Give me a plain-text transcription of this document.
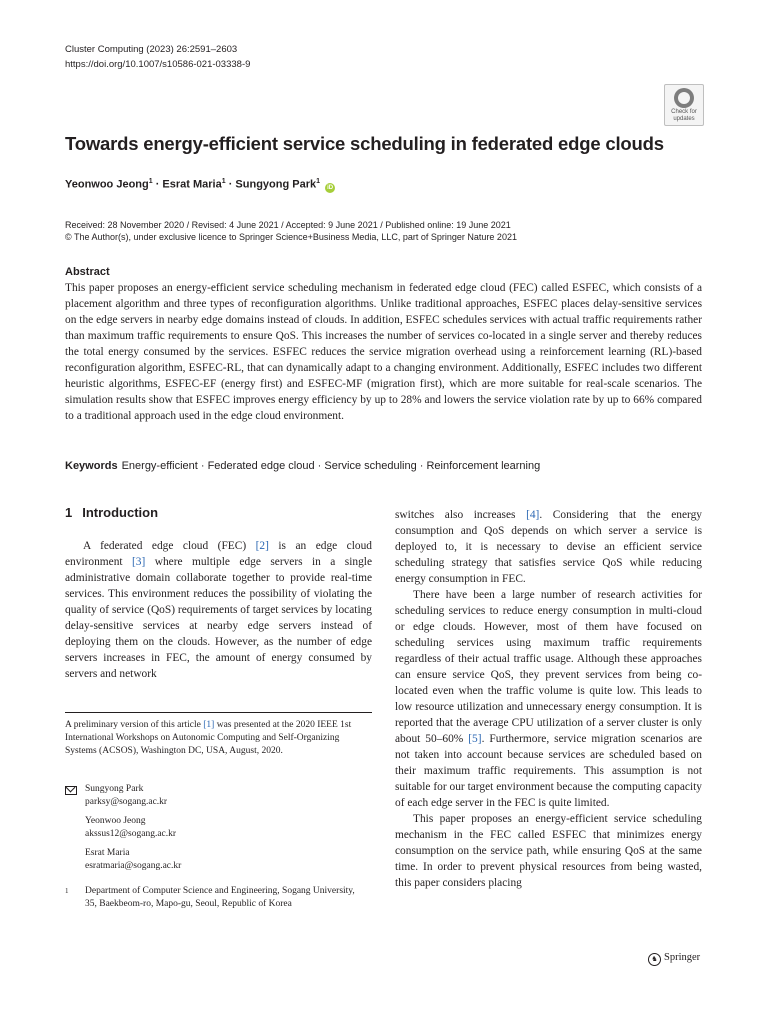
Cluster Computing (2023) 26:2591–2603
https://doi.org/10.1007/s10586-021-03338-9
Check for
updates
Towards energy-efficient service scheduling in federated edge clouds
Yeonwoo Jeong$^1$ · Esrat Maria$^1$ · Sungyong Park$^1$ iD
Received: 28 November 2020 / Revised: 4 June 2021 / Accepted: 9 June 2021 / Published online: 19 June 2021
© The Author(s), under exclusive licence to Springer Science+Business Media, LLC, part of Springer Nature 2021
Abstract
This paper proposes an energy-efficient service scheduling mechanism in federated edge cloud (FEC) called ESFEC, which consists of a placement algorithm and three types of reconfiguration algorithms. Unlike traditional approaches, ESFEC places delay-sensitive services on the edge servers in nearby edge domains instead of clouds. In addition, ESFEC schedules services with actual traffic requirements rather than maximum traffic requirements to ensure QoS. This increases the number of services co-located in a single server and thereby reduces the total energy consumed by the services. ESFEC reduces the service migration overhead using a reinforcement learning (RL)-based reconfiguration algorithm, ESFEC-RL, that can dynamically adapt to a changing environment. Additionally, ESFEC includes two different heuristic algorithms, ESFEC-EF (energy first) and ESFEC-MF (migration first), which are more suitable for real-scale scenarios. The simulation results show that ESFEC improves energy efficiency by up to 28% and lowers the service violation rate by up to 66% compared to a traditional approach used in the edge cloud environment.
Keywords Energy-efficient · Federated edge cloud · Service scheduling · Reinforcement learning
1 Introduction

A federated edge cloud (FEC) [2] is an edge cloud environment [3] where multiple edge servers in a single administrative domain collaborate together to provide real-time services. This environment reduces the possibility of violating the quality of service (QoS) requirements of target services by locating delay-sensitive services at nearby edge servers instead of deploying them on the clouds. However, as the number of edge servers increases in FEC, the amount of energy consumed by servers and network

switches also increases [4]. Considering that the energy consumption and QoS depends on which server a service is deployed to, it is necessary to devise an efficient service scheduling strategy that satisfies service QoS while reducing energy consumption in FEC.

There have been a large number of research activities for scheduling services to reduce energy consumption in multi-cloud or edge clouds. However, most of them have focused on scheduling services using maximum traffic requirements regardless of their actual traffic usage. Although these approaches can ensure service QoS, they prevent services from being co-located even when the traffic volume is quite low. This leads to low resource utilization and unnecessary energy consumption. It is reported that the average CPU utilization of a server cluster is only about 50–60% [5]. Furthermore, service migration scenarios are not taken into account because services are scheduled based on their maximum traffic requirements. This assumption is not suitable for our target environment because the computing capacity of each edge server in the FEC is quite limited.

This paper proposes an energy-efficient service scheduling mechanism in the FEC called ESFEC that minimizes energy consumption on the service path, while ensuring QoS at the same time. In order to prevent physical resources from being wasted, this paper considers placing

A preliminary version of this article [1] was presented at the 2020 IEEE 1st International Workshops on Autonomic Computing and Self-Organizing Systems (ACSOS), Washington DC, USA, August, 2020.
Sungyong Park
parksy@sogang.ac.kr
Yeonwoo Jeong
akssus12@sogang.ac.kr
Esrat Maria
esratmaria@sogang.ac.kr
1 Department of Computer Science and Engineering, Sogang University, 35, Baekbeom-ro, Mapo-gu, Seoul, Republic of Korea
♞ Springer
